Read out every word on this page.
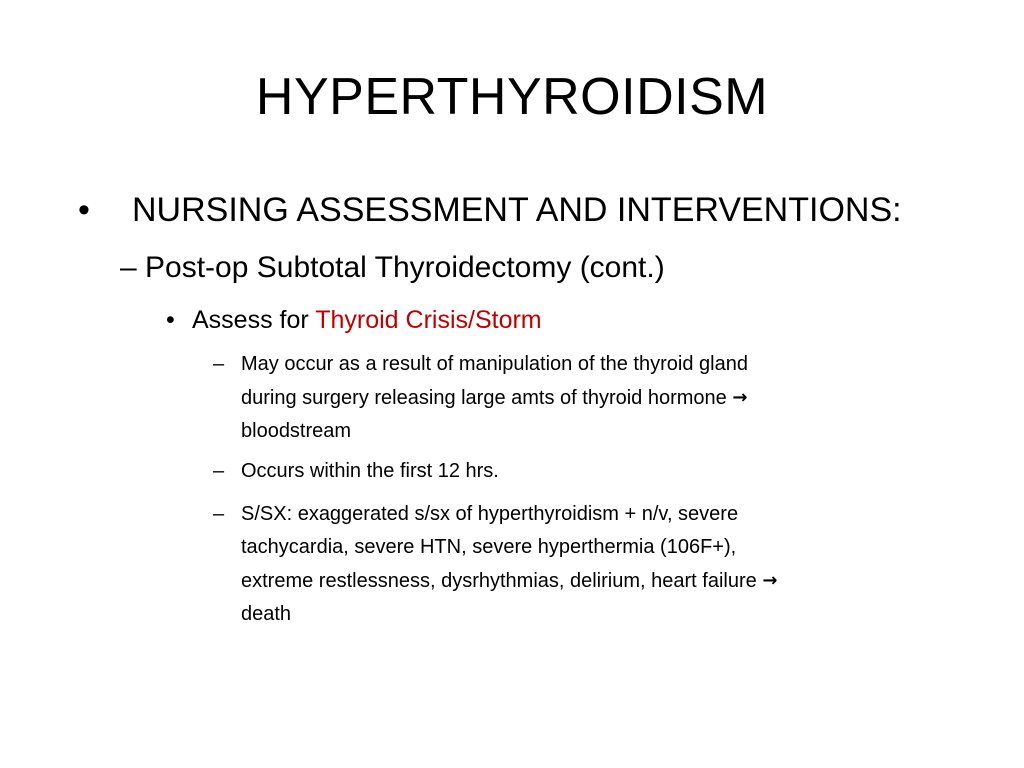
HYPERTHYROIDISM
•	NURSING ASSESSMENT AND INTERVENTIONS:
– Post-op Subtotal Thyroidectomy (cont.)
• Assess for Thyroid Crisis/Storm
– May occur as a result of manipulation of the thyroid gland
during surgery releasing large amts of thyroid hormone →
bloodstream
– Occurs within the first 12 hrs.
– S/SX: exaggerated s/sx of hyperthyroidism + n/v, severe
tachycardia, severe HTN, severe hyperthermia (106F+),
extreme restlessness, dysrhythmias, delirium, heart failure →
death
